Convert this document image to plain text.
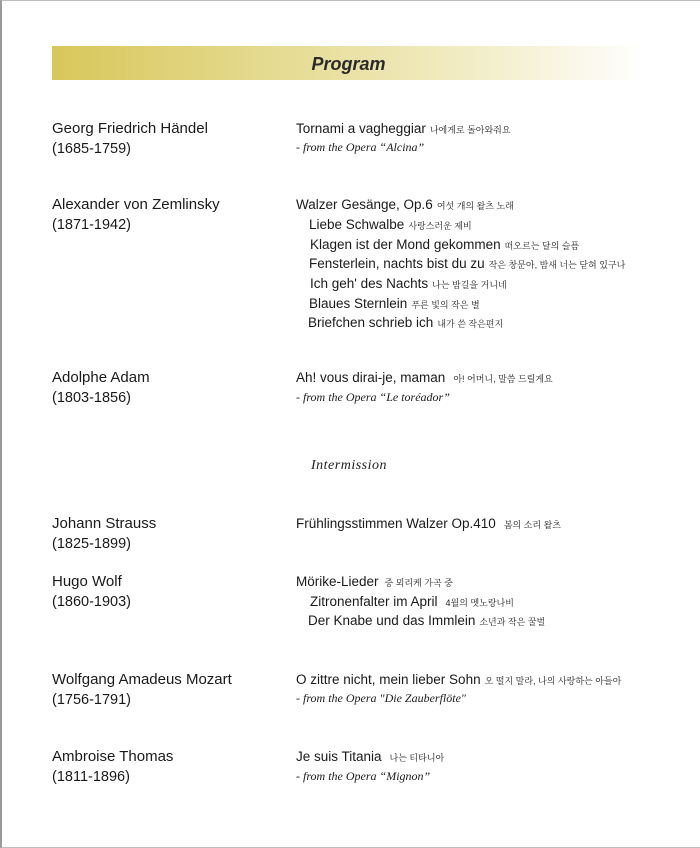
Program
Georg Friedrich Händel
(1685-1759)
Tornami a vagheggiar 나에게로 돌아와줘요
- from the Opera “Alcina”
Alexander von Zemlinsky
(1871-1942)
Walzer Gesänge, Op.6 여섯 개의 왈츠 노래
Liebe Schwalbe 사랑스러운 제비
Klagen ist der Mond gekommen 떠오르는 달의 슬픔
Fensterlein, nachts bist du zu 작은 창문아, 밤새 너는 닫혀 있구나
Ich geh' des Nachts 나는 밤길을 거니네
Blaues Sternlein 푸른 빛의 작은 별
Briefchen schrieb ich 내가 쓴 작은편지
Adolphe Adam
(1803-1856)
Ah! vous dirai-je, maman 아! 어머니, 말씀 드릴게요
- from the Opera “Le toréador”
Intermission
Johann Strauss
(1825-1899)
Frühlingsstimmen Walzer Op.410 봄의 소리 왈츠
Hugo Wolf
(1860-1903)
Mörike-Lieder 중 뫼리케 가곡 중
Zitronenfalter im April 4월의 멧노랑나비
Der Knabe und das Immlein 소년과 작은 꿀벌
Wolfgang Amadeus Mozart
(1756-1791)
O zittre nicht, mein lieber Sohn 오 떨지 말라, 나의 사랑하는 아들아
- from the Opera "Die Zauberflöte"
Ambroise Thomas
(1811-1896)
Je suis Titania 나는 티타니아
- from the Opera “Mignon”
